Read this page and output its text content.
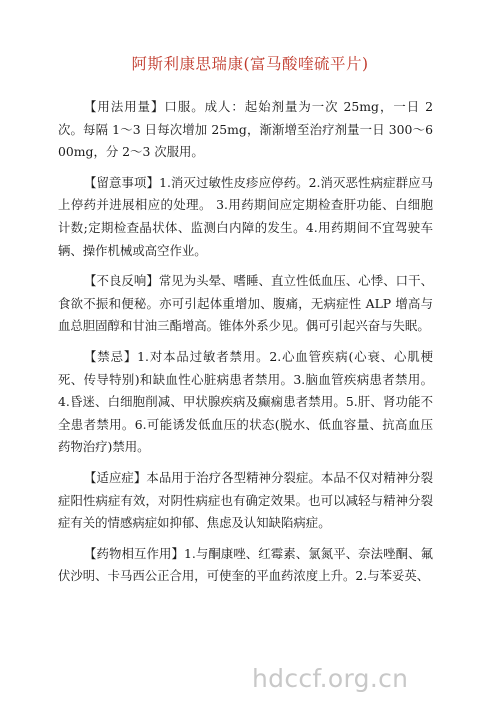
阿斯利康思瑞康(富马酸喹硫平片)

【用法用量】口服。成人：起始剂量为一次 25mg，一日 2 次。每隔 1～3 日每次增加 25mg，渐渐增至治疗剂量一日 300～600mg，分 2～3 次服用。

【留意事项】1.消灭过敏性皮疹应停药。2.消灭恶性病症群应马上停药并进展相应的处理。 3.用药期间应定期检查肝功能、白细胞计数;定期检查晶状体、监测白内障的发生。4.用药期间不宜驾驶车辆、操作机械或高空作业。

【不良反响】常见为头晕、嗜睡、直立性低血压、心悸、口干、食欲不振和便秘。亦可引起体重增加、腹痛，无病症性 ALP 增高与血总胆固醇和甘油三酯增高。锥体外系少见。偶可引起兴奋与失眠。

【禁忌】1.对本品过敏者禁用。2.心血管疾病(心衰、心肌梗死、传导特别)和缺血性心脏病患者禁用。3.脑血管疾病患者禁用。4.昏迷、白细胞削减、甲状腺疾病及癫痫患者禁用。5.肝、肾功能不全患者禁用。6.可能诱发低血压的状态(脱水、低血容量、抗高血压药物治疗)禁用。

【适应症】本品用于治疗各型精神分裂症。本品不仅对精神分裂症阳性病症有效，对阴性病症也有确定效果。也可以减轻与精神分裂症有关的情感病症如抑郁、焦虑及认知缺陷病症。

【药物相互作用】1.与酮康唑、红霉素、氯氮平、奈法唑酮、氟伏沙明、卡马西公正合用，可使奎的平血药浓度上升。2.与苯妥英、

hdccf.org.cn
